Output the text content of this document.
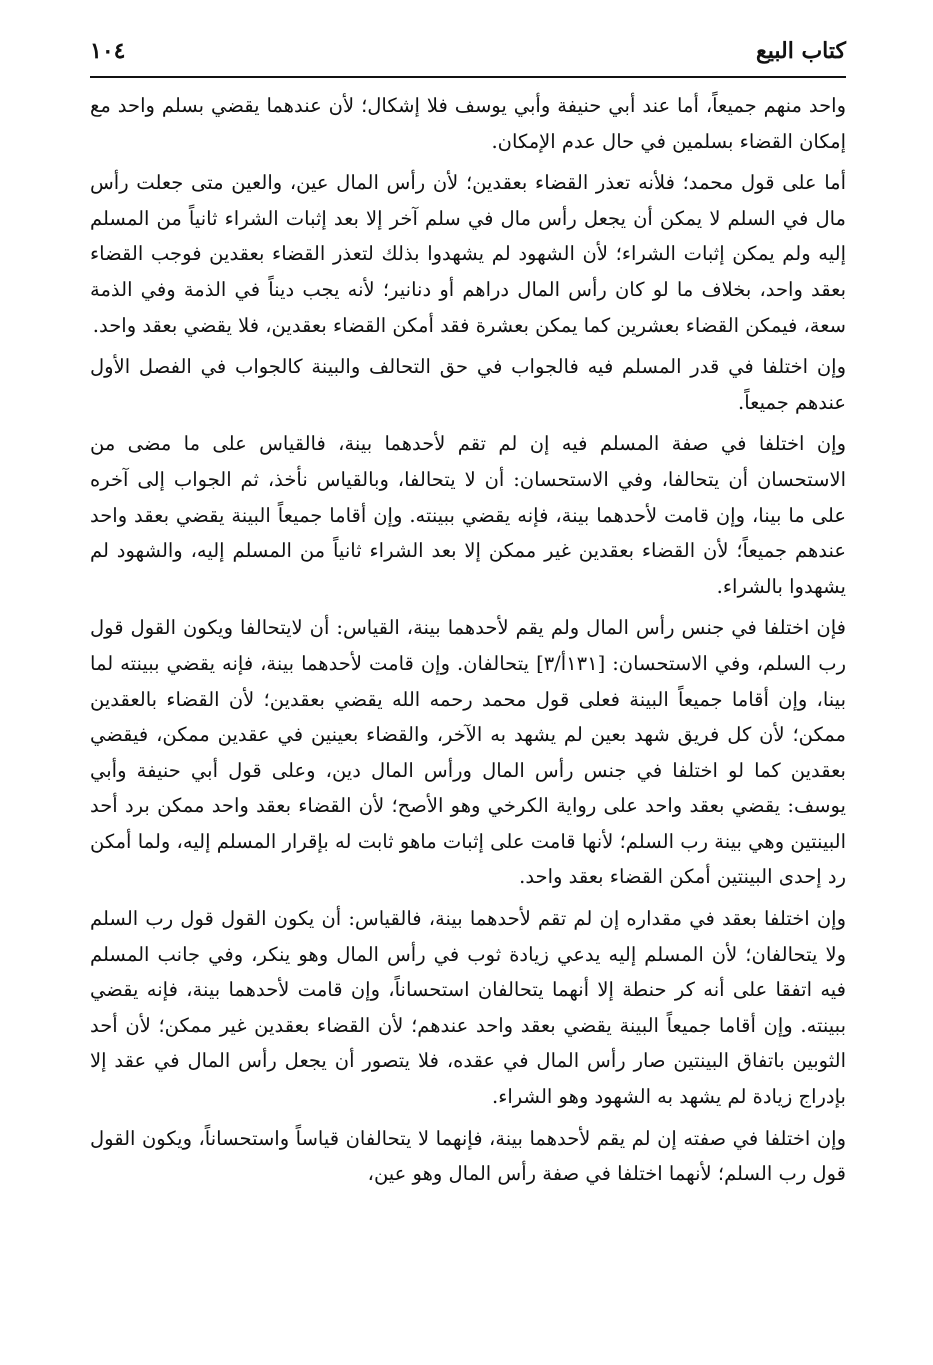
كتاب البيع
١٠٤

واحد منهم جميعاً، أما عند أبي حنيفة وأبي يوسف فلا إشكال؛ لأن عندهما يقضي بسلم واحد مع إمكان القضاء بسلمين في حال عدم الإمكان.

أما على قول محمد؛ فلأنه تعذر القضاء بعقدين؛ لأن رأس المال عين، والعين متى جعلت رأس مال في السلم لا يمكن أن يجعل رأس مال في سلم آخر إلا بعد إثبات الشراء ثانياً من المسلم إليه ولم يمكن إثبات الشراء؛ لأن الشهود لم يشهدوا بذلك لتعذر القضاء بعقدين فوجب القضاء بعقد واحد، بخلاف ما لو كان رأس المال دراهم أو دنانير؛ لأنه يجب ديناً في الذمة وفي الذمة سعة، فيمكن القضاء بعشرين كما يمكن بعشرة فقد أمكن القضاء بعقدين، فلا يقضي بعقد واحد.

وإن اختلفا في قدر المسلم فيه فالجواب في حق التحالف والبينة كالجواب في الفصل الأول عندهم جميعاً.

وإن اختلفا في صفة المسلم فيه إن لم تقم لأحدهما بينة، فالقياس على ما مضى من الاستحسان أن يتحالفا، وفي الاستحسان: أن لا يتحالفا، وبالقياس نأخذ، ثم الجواب إلى آخره على ما بينا، وإن قامت لأحدهما بينة، فإنه يقضي ببينته. وإن أقاما جميعاً البينة يقضي بعقد واحد عندهم جميعاً؛ لأن القضاء بعقدين غير ممكن إلا بعد الشراء ثانياً من المسلم إليه، والشهود لم يشهدوا بالشراء.

فإن اختلفا في جنس رأس المال ولم يقم لأحدهما بينة، القياس: أن لايتحالفا ويكون القول قول رب السلم، وفي الاستحسان: [١٣١أ/٣] يتحالفان. وإن قامت لأحدهما بينة، فإنه يقضي ببينته لما بينا، وإن أقاما جميعاً البينة فعلى قول محمد رحمه الله يقضي بعقدين؛ لأن القضاء بالعقدين ممكن؛ لأن كل فريق شهد بعين لم يشهد به الآخر، والقضاء بعينين في عقدين ممكن، فيقضي بعقدين كما لو اختلفا في جنس رأس المال ورأس المال دين، وعلى قول أبي حنيفة وأبي يوسف: يقضي بعقد واحد على رواية الكرخي وهو الأصح؛ لأن القضاء بعقد واحد ممكن برد أحد البينتين وهي بينة رب السلم؛ لأنها قامت على إثبات ماهو ثابت له بإقرار المسلم إليه، ولما أمكن رد إحدى البينتين أمكن القضاء بعقد واحد.

وإن اختلفا بعقد في مقداره إن لم تقم لأحدهما بينة، فالقياس: أن يكون القول قول رب السلم ولا يتحالفان؛ لأن المسلم إليه يدعي زيادة ثوب في رأس المال وهو ينكر، وفي جانب المسلم فيه اتفقا على أنه كر حنطة إلا أنهما يتحالفان استحساناً، وإن قامت لأحدهما بينة، فإنه يقضي ببينته. وإن أقاما جميعاً البينة يقضي بعقد واحد عندهم؛ لأن القضاء بعقدين غير ممكن؛ لأن أحد الثوبين باتفاق البينتين صار رأس المال في عقده، فلا يتصور أن يجعل رأس المال في عقد إلا بإدراج زيادة لم يشهد به الشهود وهو الشراء.

وإن اختلفا في صفته إن لم يقم لأحدهما بينة، فإنهما لا يتحالفان قياساً واستحساناً، ويكون القول قول رب السلم؛ لأنهما اختلفا في صفة رأس المال وهو عين،
